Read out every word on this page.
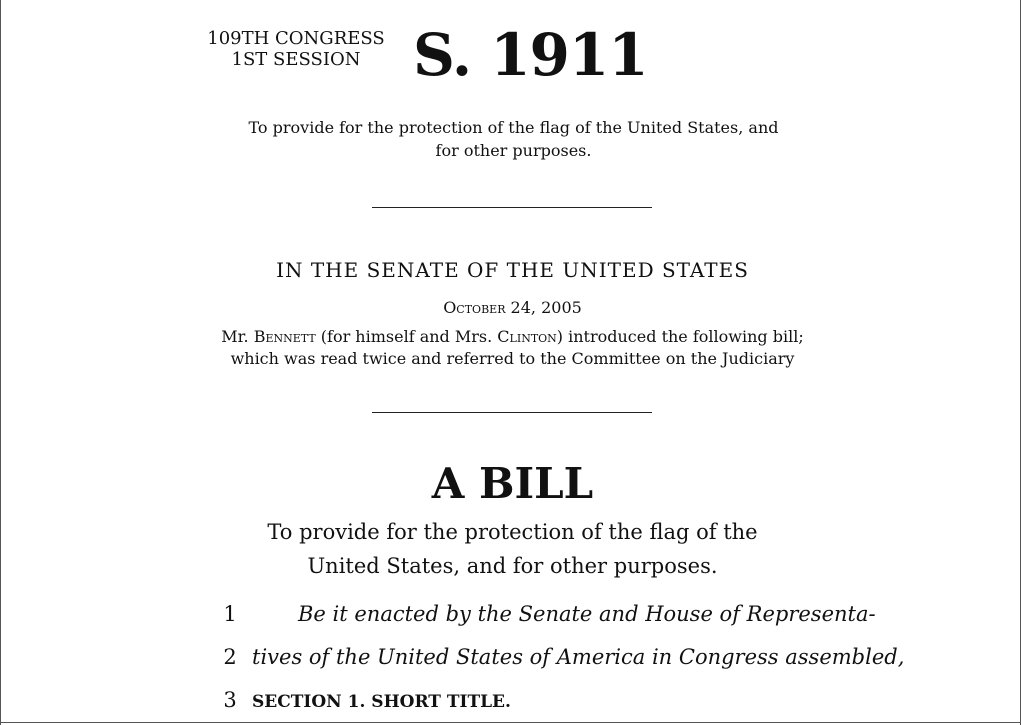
109TH CONGRESS
1ST SESSION S. 1911
To provide for the protection of the flag of the United States, and for other purposes.
IN THE SENATE OF THE UNITED STATES
October 24, 2005
Mr. Bennett (for himself and Mrs. Clinton) introduced the following bill; which was read twice and referred to the Committee on the Judiciary
A BILL
To provide for the protection of the flag of the United States, and for other purposes.
1	Be it enacted by the Senate and House of Representa-
2 tives of the United States of America in Congress assembled,
3 SECTION 1. SHORT TITLE.
